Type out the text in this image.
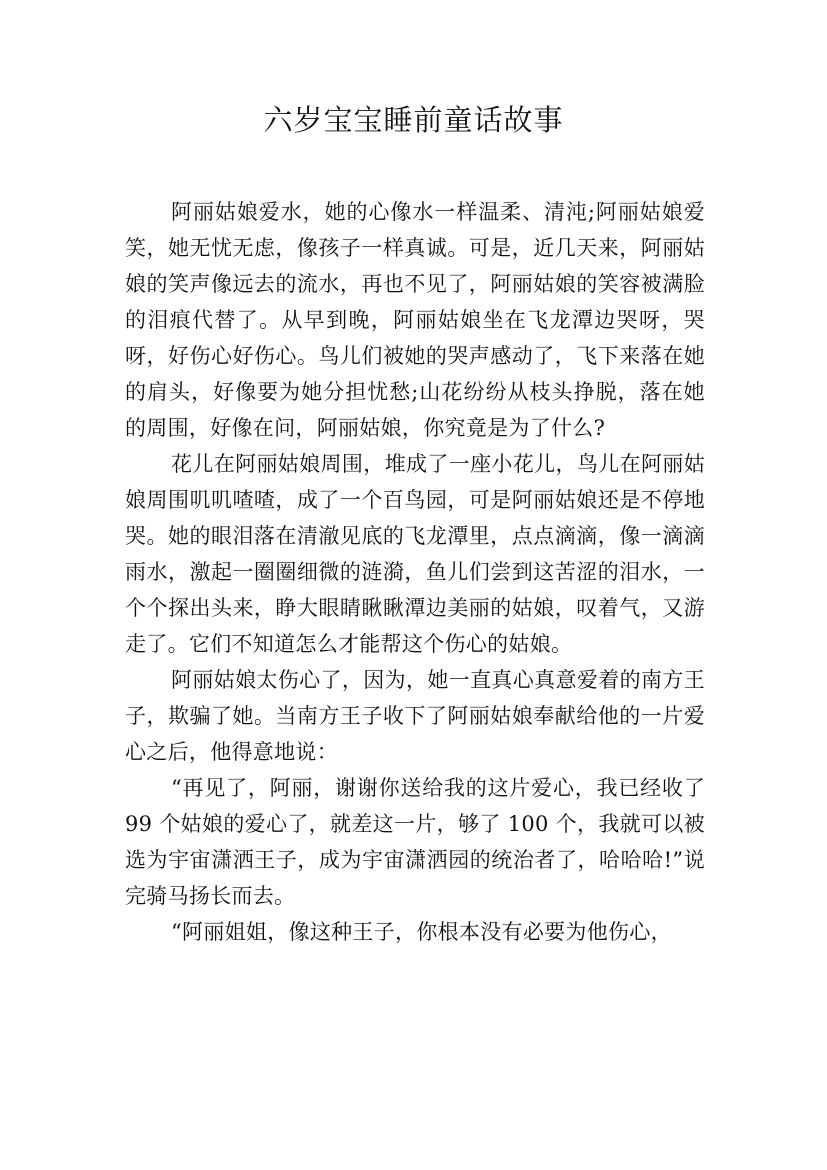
六岁宝宝睡前童话故事

阿丽姑娘爱水，她的心像水一样温柔、清沌;阿丽姑娘爱笑，她无忧无虑，像孩子一样真诚。可是，近几天来，阿丽姑娘的笑声像远去的流水，再也不见了，阿丽姑娘的笑容被满脸的泪痕代替了。从早到晚，阿丽姑娘坐在飞龙潭边哭呀，哭呀，好伤心好伤心。鸟儿们被她的哭声感动了，飞下来落在她的肩头，好像要为她分担忧愁;山花纷纷从枝头挣脱，落在她的周围，好像在问，阿丽姑娘，你究竟是为了什么?

花儿在阿丽姑娘周围，堆成了一座小花儿，鸟儿在阿丽姑娘周围叽叽喳喳，成了一个百鸟园，可是阿丽姑娘还是不停地哭。她的眼泪落在清澈见底的飞龙潭里，点点滴滴，像一滴滴雨水，激起一圈圈细微的涟漪，鱼儿们尝到这苦涩的泪水，一个个探出头来，睁大眼睛瞅瞅潭边美丽的姑娘，叹着气，又游走了。它们不知道怎么才能帮这个伤心的姑娘。

阿丽姑娘太伤心了，因为，她一直真心真意爱着的南方王子，欺骗了她。当南方王子收下了阿丽姑娘奉献给他的一片爱心之后，他得意地说：

“再见了，阿丽，谢谢你送给我的这片爱心，我已经收了 99 个姑娘的爱心了，就差这一片，够了 100 个，我就可以被选为宇宙潇洒王子，成为宇宙潇洒园的统治者了，哈哈哈!”说完骑马扬长而去。

“阿丽姐姐，像这种王子，你根本没有必要为他伤心，
